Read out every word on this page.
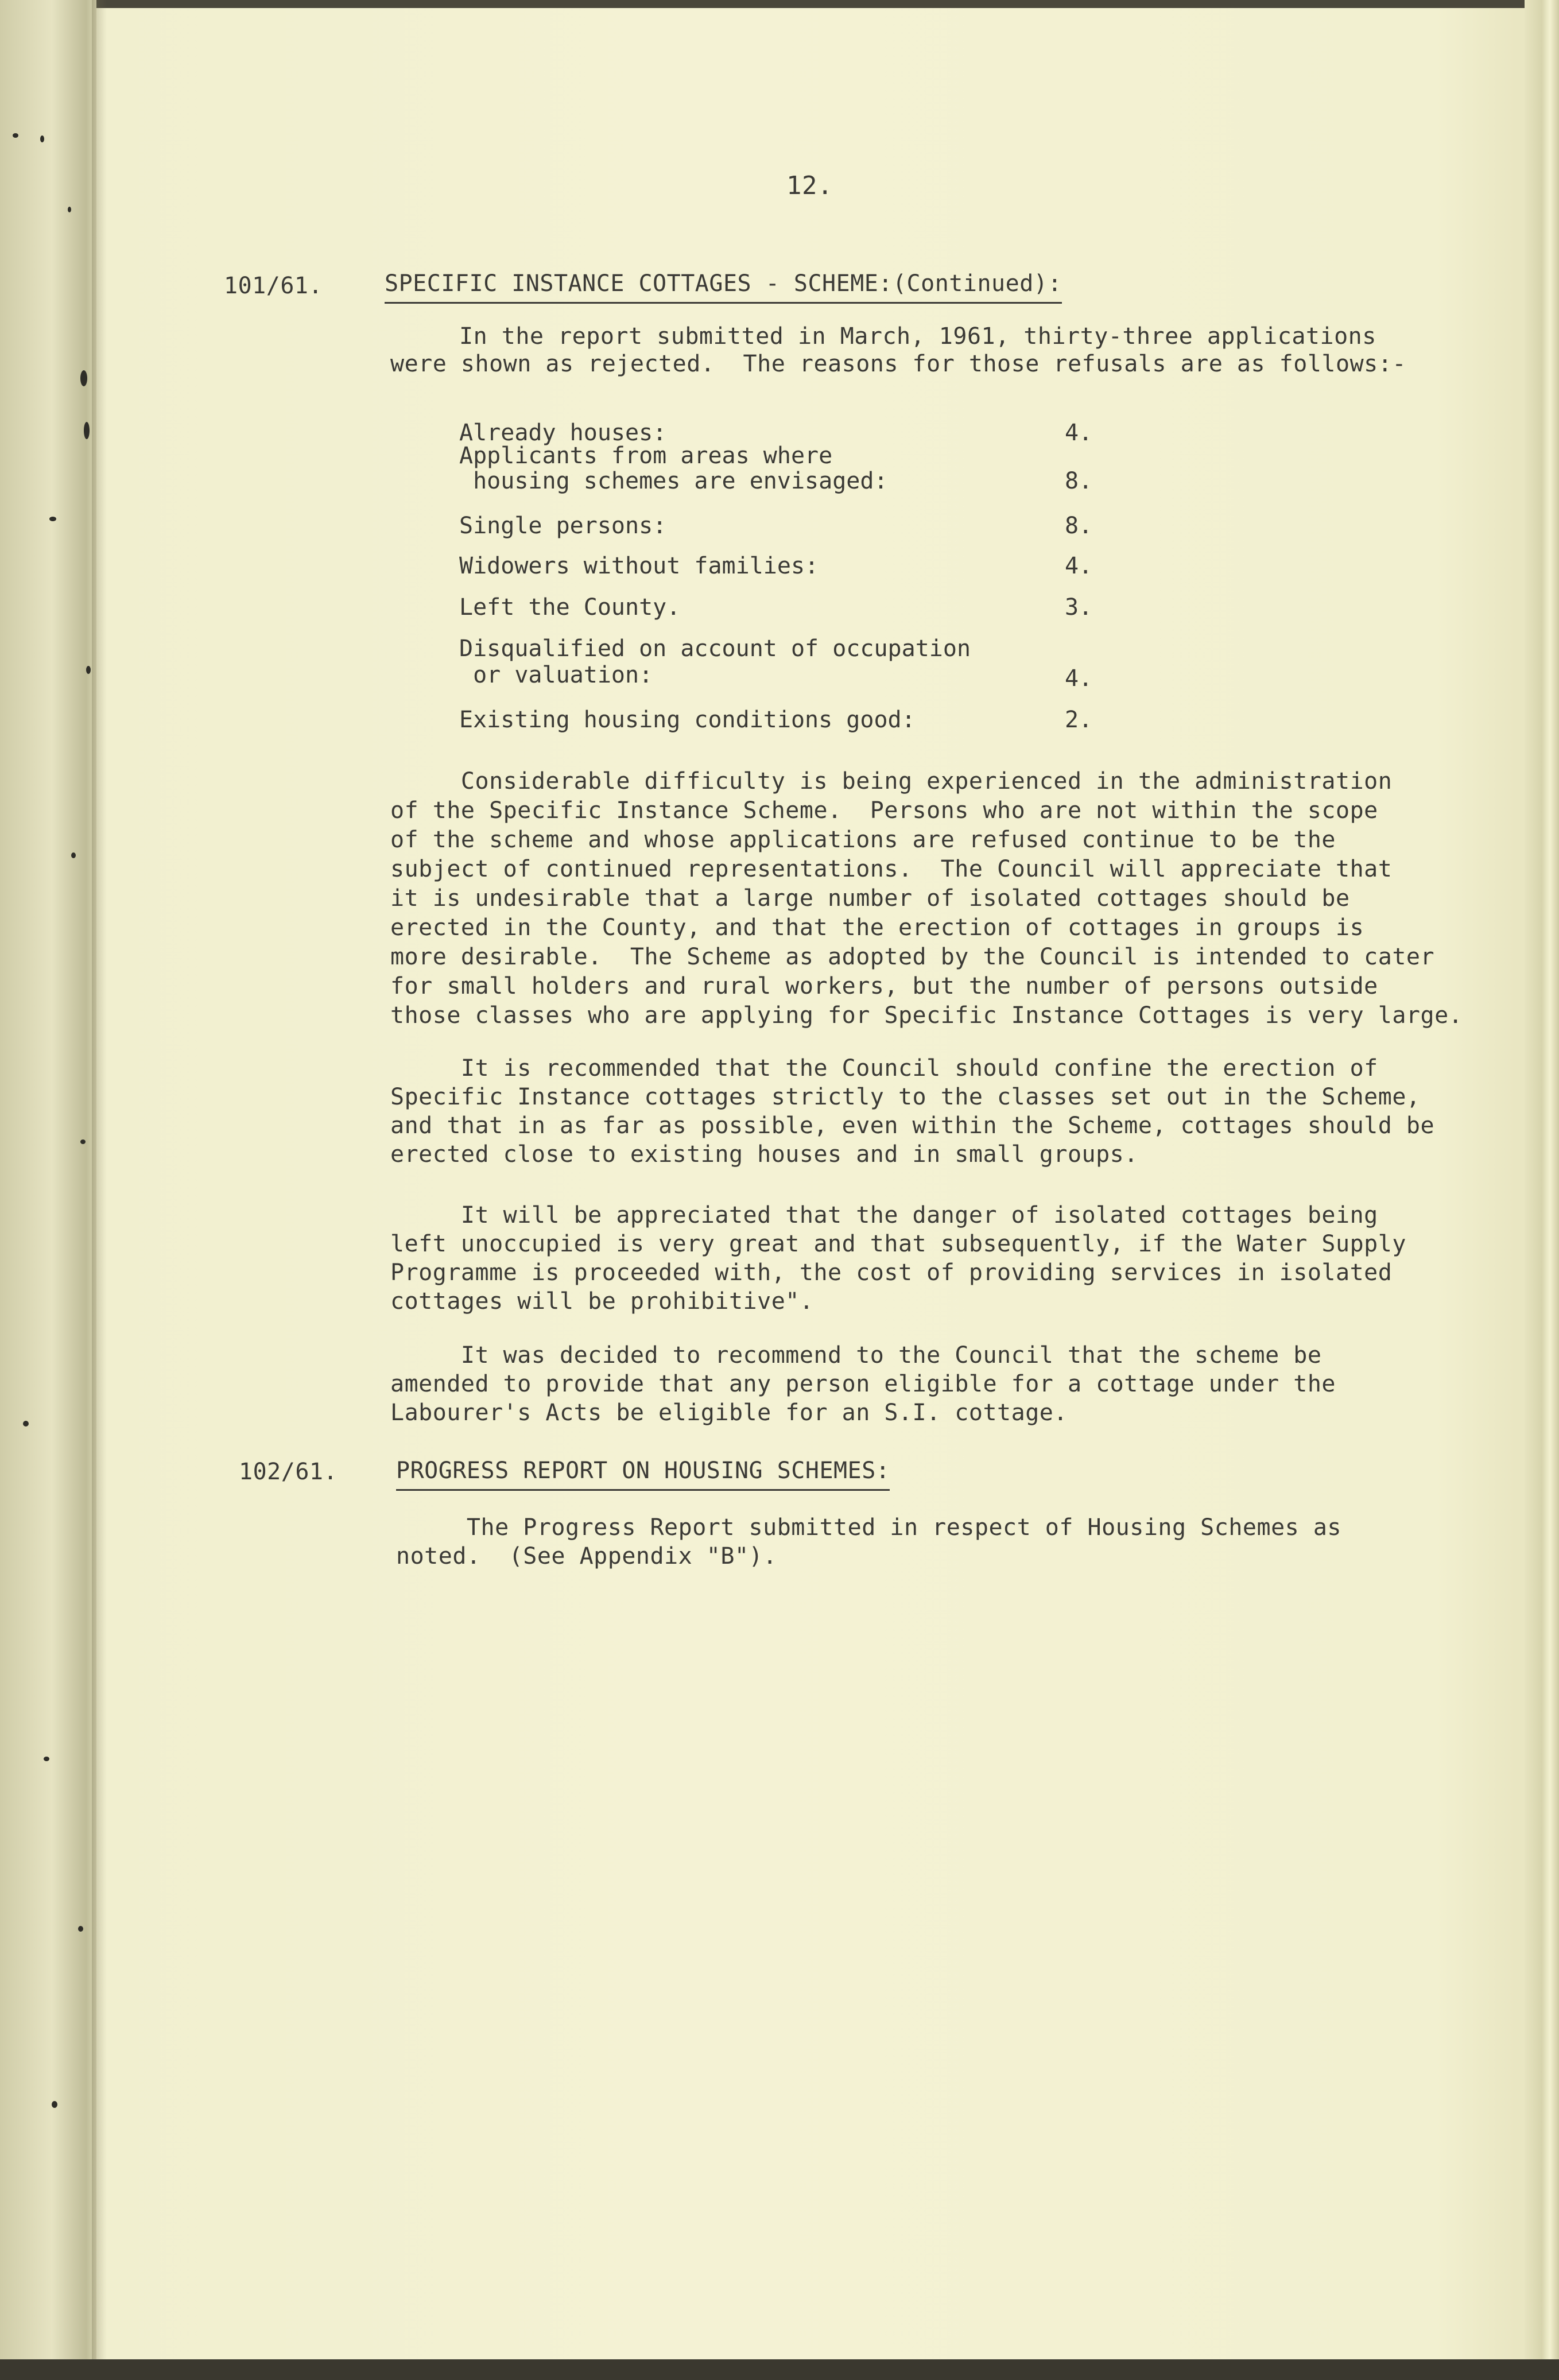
12.
101/61.	SPECIFIC INSTANCE COTTAGES - SCHEME:(Continued):
In the report submitted in March, 1961, thirty-three applications
were shown as rejected.  The reasons for those refusals are as follows:-
Already houses:	4.
Applicants from areas where
housing schemes are envisaged:	8.
Single persons:	8.
Widowers without families:	4.
Left the County.	3.
Disqualified on account of occupation
or valuation:	4.
Existing housing conditions good:	2.
Considerable difficulty is being experienced in the administration
of the Specific Instance Scheme.  Persons who are not within the scope
of the scheme and whose applications are refused continue to be the
subject of continued representations.  The Council will appreciate that
it is undesirable that a large number of isolated cottages should be
erected in the County, and that the erection of cottages in groups is
more desirable.  The Scheme as adopted by the Council is intended to cater
for small holders and rural workers, but the number of persons outside
those classes who are applying for Specific Instance Cottages is very large.
It is recommended that the Council should confine the erection of
Specific Instance cottages strictly to the classes set out in the Scheme,
and that in as far as possible, even within the Scheme, cottages should be
erected close to existing houses and in small groups.
It will be appreciated that the danger of isolated cottages being
left unoccupied is very great and that subsequently, if the Water Supply
Programme is proceeded with, the cost of providing services in isolated
cottages will be prohibitive".
It was decided to recommend to the Council that the scheme be
amended to provide that any person eligible for a cottage under the
Labourer's Acts be eligible for an S.I. cottage.
102/61.	PROGRESS REPORT ON HOUSING SCHEMES:
The Progress Report submitted in respect of Housing Schemes as
noted.  (See Appendix "B").
